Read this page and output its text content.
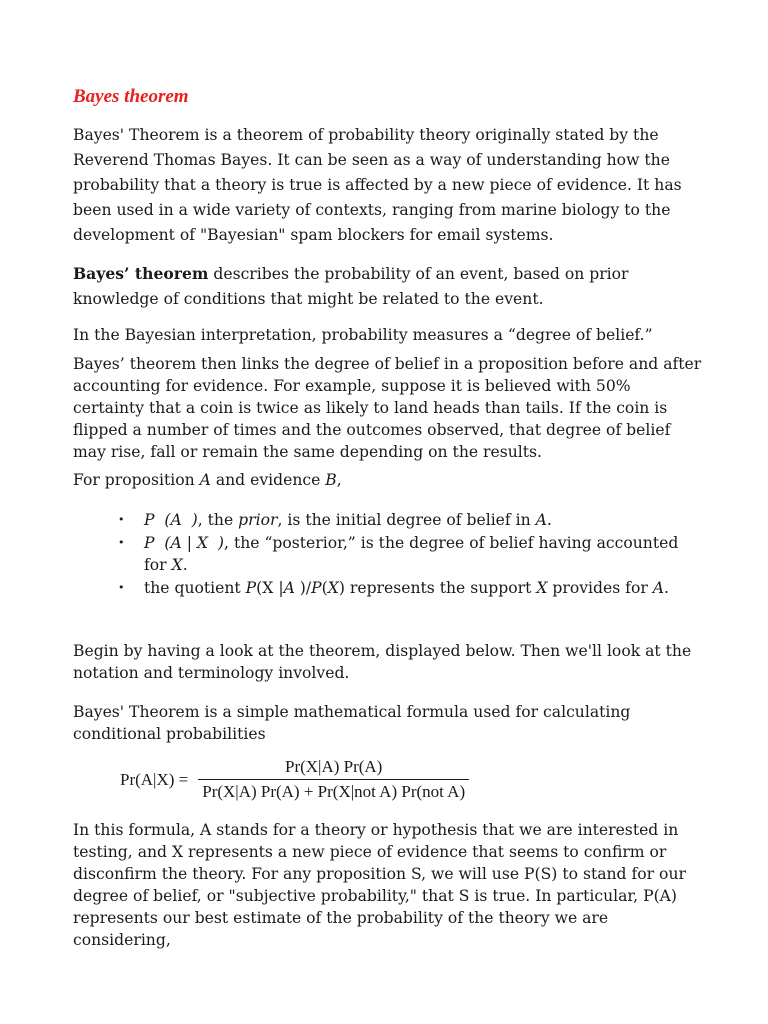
Bayes theorem

Bayes' Theorem is a theorem of probability theory originally stated by the Reverend Thomas Bayes. It can be seen as a way of understanding how the probability that a theory is true is affected by a new piece of evidence. It has been used in a wide variety of contexts, ranging from marine biology to the development of "Bayesian" spam blockers for email systems.

Bayes’ theorem describes the probability of an event, based on prior knowledge of conditions that might be related to the event.

In the Bayesian interpretation, probability measures a “degree of belief.”

Bayes’ theorem then links the degree of belief in a proposition before and after accounting for evidence. For example, suppose it is believed with 50% certainty that a coin is twice as likely to land heads than tails. If the coin is flipped a number of times and the outcomes observed, that degree of belief may rise, fall or remain the same depending on the results.

For proposition A and evidence B,

• P  (A  ), the prior, is the initial degree of belief in A.
• P  (A | X  ), the “posterior,” is the degree of belief having accounted for X.
• the quotient P(X |A )/P(X) represents the support X provides for A.

Begin by having a look at the theorem, displayed below. Then we'll look at the notation and terminology involved.

Bayes' Theorem is a simple mathematical formula used for calculating conditional probabilities

$Pr(A|X) = \frac{Pr(X|A) Pr(A)}{\text{Pr(X|A) Pr(A) + Pr(X|not A) Pr(not A)}}$

In this formula, A stands for a theory or hypothesis that we are interested in testing, and X represents a new piece of evidence that seems to confirm or disconfirm the theory. For any proposition S, we will use P(S) to stand for our degree of belief, or "subjective probability," that S is true. In particular, P(A) represents our best estimate of the probability of the theory we are considering,
